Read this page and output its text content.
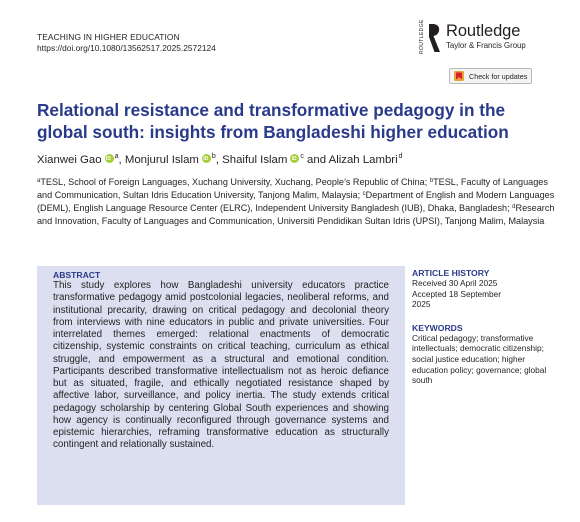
TEACHING IN HIGHER EDUCATION
https://doi.org/10.1080/13562517.2025.2572124	ROUTLEDGE Routledge
Taylor & Francis Group
Check for updates
Relational resistance and transformative pedagogy in the global south: insights from Bangladeshi higher education
Xianwei Gao iD $^a$, Monjurul Islam iD $^b$, Shaiful Islam iD $^c$ and Alizah Lambri$^d$
$^a$TESL, School of Foreign Languages, Xuchang University, Xuchang, People’s Republic of China; $^b$TESL, Faculty of Languages and Communication, Sultan Idris Education University, Tanjong Malim, Malaysia; $^c$Department of English and Modern Languages (DEML), English Language Resource Center (ELRC), Independent University Bangladesh (IUB), Dhaka, Bangladesh; $^d$Research and Innovation, Faculty of Languages and Communication, Universiti Pendidikan Sultan Idris (UPSI), Tanjong Malim, Malaysia
ABSTRACT

This study explores how Bangladeshi university educators practice transformative pedagogy amid postcolonial legacies, neoliberal reforms, and institutional precarity, drawing on critical pedagogy and decolonial theory from interviews with nine educators in public and private universities. Four interrelated themes emerged: relational enactments of democratic citizenship, systemic constraints on critical teaching, curriculum as ethical struggle, and empowerment as a structural and emotional condition. Participants described transformative intellectualism not as heroic defiance but as situated, fragile, and ethically negotiated resistance shaped by affective labor, surveillance, and policy inertia. The study extends critical pedagogy scholarship by centering Global South experiences and showing how agency is continually reconfigured through governance systems and epistemic hierarchies, reframing transformative education as structurally contingent and relationally sustained.

ARTICLE HISTORY
Received 30 April 2025
Accepted 18 September
2025
KEYWORDS
Critical pedagogy; transformative intellectuals; democratic citizenship; social justice education; higher education policy; governance; global south
